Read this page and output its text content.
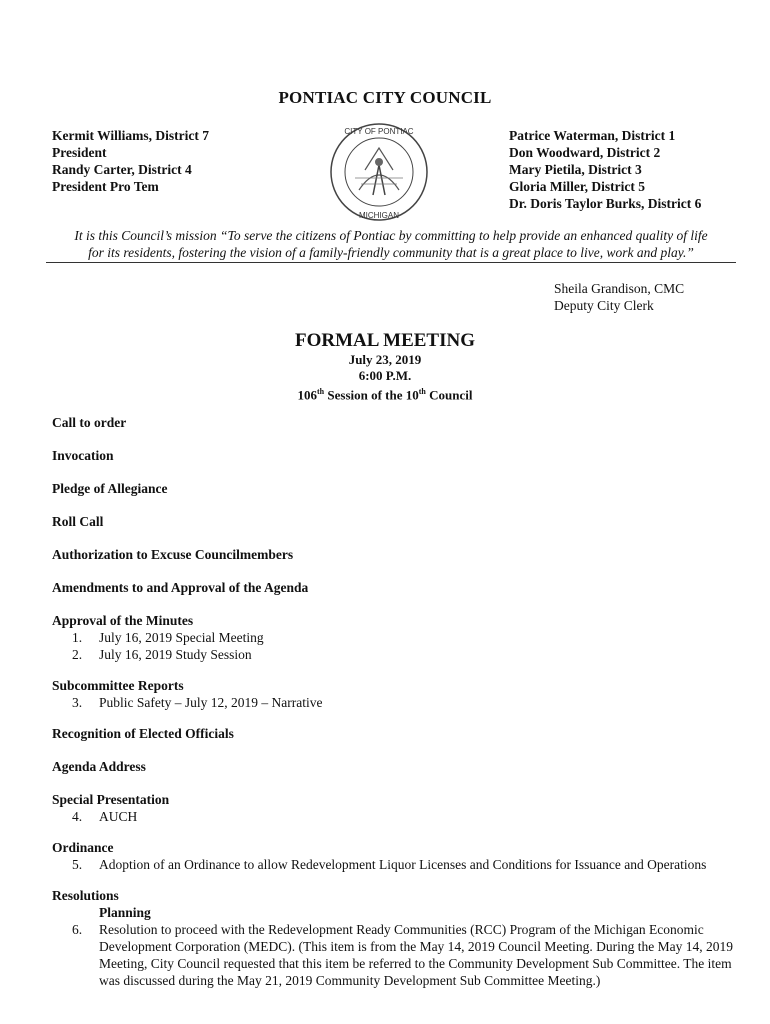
PONTIAC CITY COUNCIL
Kermit Williams, District 7
President
Randy Carter, District 4
President Pro Tem
CITY OF PONTIAC
MICHIGAN
Patrice Waterman, District 1
Don Woodward, District 2
Mary Pietila, District 3
Gloria Miller, District 5
Dr. Doris Taylor Burks, District 6
It is this Council’s mission “To serve the citizens of Pontiac by committing to help provide an enhanced quality of life
for its residents, fostering the vision of a family-friendly community that is a great place to live, work and play.”
Sheila Grandison, CMC
Deputy City Clerk
FORMAL MEETING
July 23, 2019
6:00 P.M.
106th Session of the 10th Council
Call to order
Invocation
Pledge of Allegiance
Roll Call
Authorization to Excuse Councilmembers
Amendments to and Approval of the Agenda
Approval of the Minutes
1.	July 16, 2019 Special Meeting
2.	July 16, 2019 Study Session
Subcommittee Reports
3.	Public Safety – July 12, 2019 – Narrative
Recognition of Elected Officials
Agenda Address
Special Presentation
4.	AUCH
Ordinance
5.	Adoption of an Ordinance to allow Redevelopment Liquor Licenses and Conditions for Issuance and Operations
Resolutions
Planning
6.	Resolution to proceed with the Redevelopment Ready Communities (RCC) Program of the Michigan Economic Development Corporation (MEDC). (This item is from the May 14, 2019 Council Meeting. During the May 14, 2019 Meeting, City Council requested that this item be referred to the Community Development Sub Committee. The item was discussed during the May 21, 2019 Community Development Sub Committee Meeting.)
